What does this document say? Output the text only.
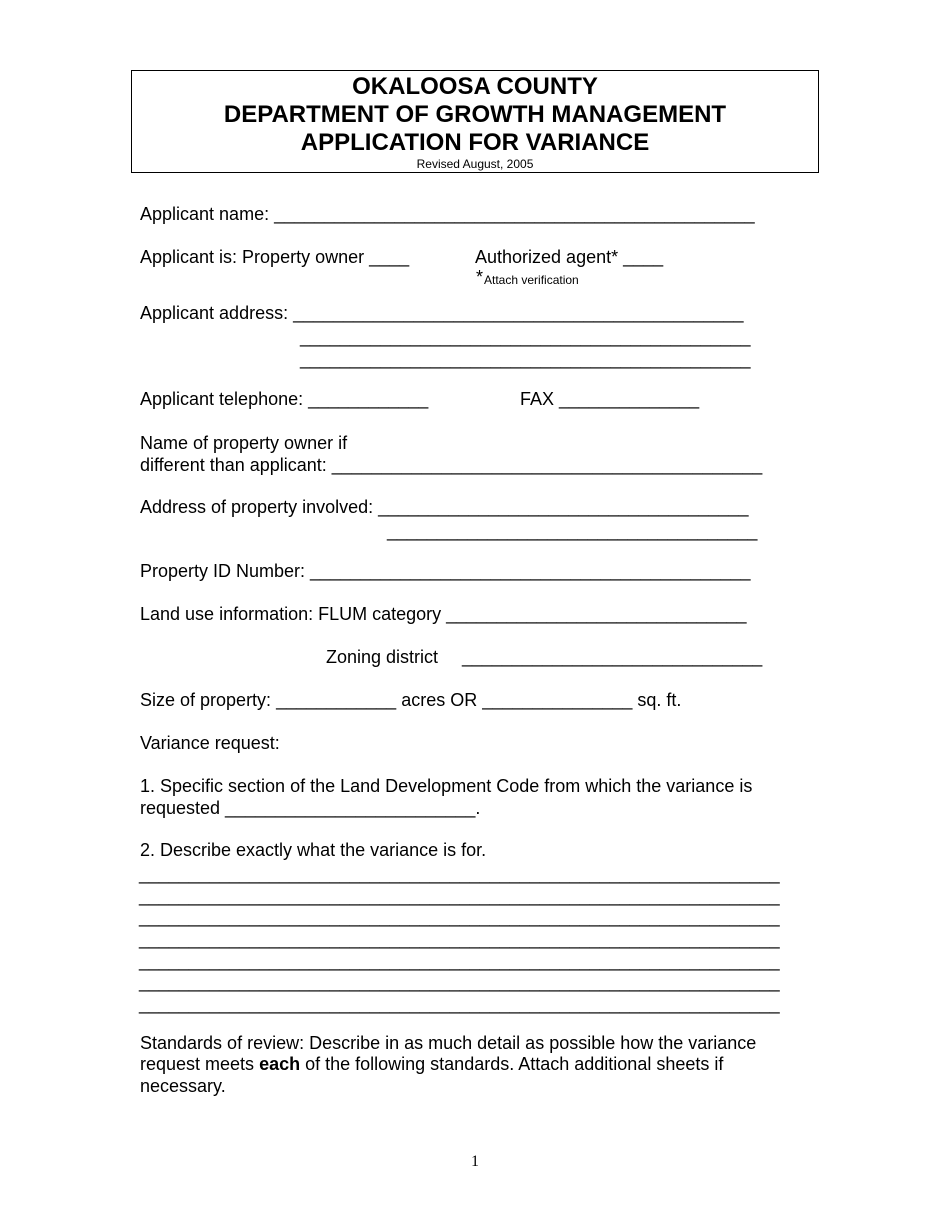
OKALOOSA COUNTY
DEPARTMENT OF GROWTH MANAGEMENT
APPLICATION FOR VARIANCE
Revised August, 2005
Applicant name: ________________________________________________
Applicant is: Property owner ____	Authorized agent* ____
* Attach verification
Applicant address: _____________________________________________
_____________________________________________
_____________________________________________
Applicant telephone: ____________	FAX ______________
Name of property owner if
different than applicant: ___________________________________________
Address of property involved: _____________________________________
_____________________________________
Property ID Number: ____________________________________________
Land use information: FLUM category ______________________________
Zoning district ______________________________
Size of property: ____________ acres OR _______________ sq. ft.
Variance request:
1. Specific section of the Land Development Code from which the variance is
requested _________________________.
2. Describe exactly what the variance is for.
________________________________________________________________
________________________________________________________________
________________________________________________________________
________________________________________________________________
________________________________________________________________
________________________________________________________________
________________________________________________________________
Standards of review: Describe in as much detail as possible how the variance
request meets each of the following standards. Attach additional sheets if
necessary.
1
